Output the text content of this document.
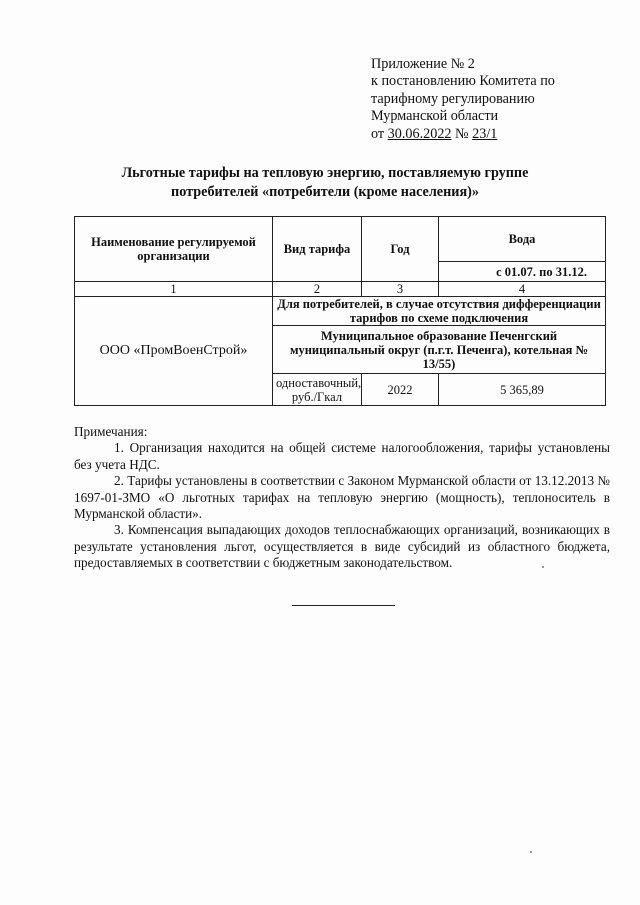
Приложение № 2
к постановлению Комитета по
тарифному регулированию
Мурманской области
от 30.06.2022 № 23/1
Льготные тарифы на тепловую энергию, поставляемую группе
потребителей «потребители (кроме населения)»
Наименование регулируемой организации	Вид тарифа	Год	Вода
			с 01.07. по 31.12.
1	2	3	4
ООО «ПромВоенСтрой»	Для потребителей, в случае отсутствия дифференциации тарифов по схеме подключения		
	Муниципальное образование Печенгский муниципальный округ (п.г.т. Печенга), котельная № 13/55)		
	одноставочный, руб./Гкал	2022	5 365,89

Примечания:

1. Организация находится на общей системе налогообложения, тарифы установлены без учета НДС.

2. Тарифы установлены в соответствии с Законом Мурманской области от 13.12.2013 № 1697-01-ЗМО «О льготных тарифах на тепловую энергию (мощность), теплоноситель в Мурманской области».

3. Компенсация выпадающих доходов теплоснабжающих организаций, возникающих в результате установления льгот, осуществляется в виде субсидий из областного бюджета, предоставляемых в соответствии с бюджетным законодательством.
